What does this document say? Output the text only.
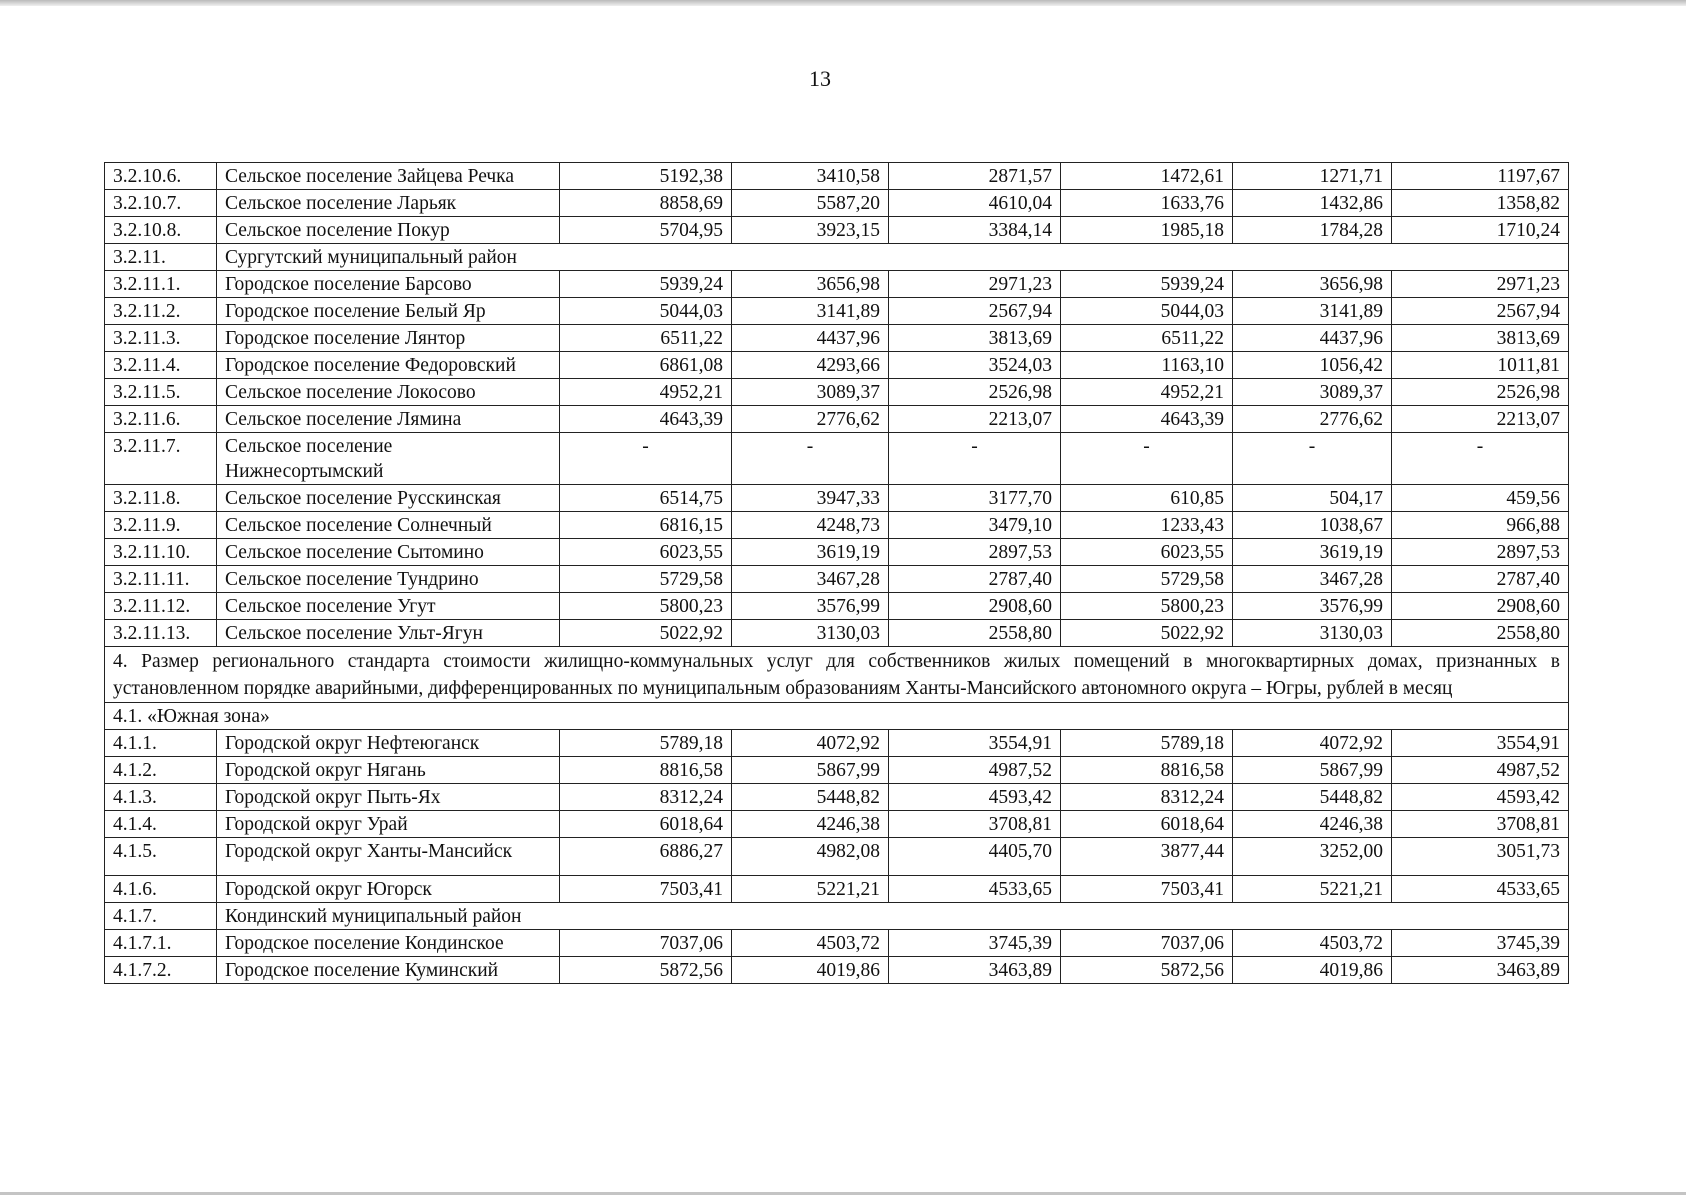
13
3.2.10.6.	Сельское поселение Зайцева Речка	5192,38	3410,58	2871,57	1472,61	1271,71	1197,67
3.2.10.7.	Сельское поселение Ларьяк	8858,69	5587,20	4610,04	1633,76	1432,86	1358,82
3.2.10.8.	Сельское поселение Покур	5704,95	3923,15	3384,14	1985,18	1784,28	1710,24
3.2.11.	Сургутский муниципальный район						
3.2.11.1.	Городское поселение Барсово	5939,24	3656,98	2971,23	5939,24	3656,98	2971,23
3.2.11.2.	Городское поселение Белый Яр	5044,03	3141,89	2567,94	5044,03	3141,89	2567,94
3.2.11.3.	Городское поселение Лянтор	6511,22	4437,96	3813,69	6511,22	4437,96	3813,69
3.2.11.4.	Городское поселение Федоровский	6861,08	4293,66	3524,03	1163,10	1056,42	1011,81
3.2.11.5.	Сельское поселение Локосово	4952,21	3089,37	2526,98	4952,21	3089,37	2526,98
3.2.11.6.	Сельское поселение Лямина	4643,39	2776,62	2213,07	4643,39	2776,62	2213,07
3.2.11.7.	Сельское поселение Нижнесортымский	-	-	-	-	-	-
3.2.11.8.	Сельское поселение Русскинская	6514,75	3947,33	3177,70	610,85	504,17	459,56
3.2.11.9.	Сельское поселение Солнечный	6816,15	4248,73	3479,10	1233,43	1038,67	966,88
3.2.11.10.	Сельское поселение Сытомино	6023,55	3619,19	2897,53	6023,55	3619,19	2897,53
3.2.11.11.	Сельское поселение Тундрино	5729,58	3467,28	2787,40	5729,58	3467,28	2787,40
3.2.11.12.	Сельское поселение Угут	5800,23	3576,99	2908,60	5800,23	3576,99	2908,60
3.2.11.13.	Сельское поселение Ульт-Ягун	5022,92	3130,03	2558,80	5022,92	3130,03	2558,80
4. Размер регионального стандарта стоимости жилищно-коммунальных услуг для собственников жилых помещений в многоквартирных домах, признанных в установленном порядке аварийными, дифференцированных по муниципальным образованиям Ханты-Мансийского автономного округа – Югры, рублей в месяц							
4.1. «Южная зона»							
4.1.1.	Городской округ Нефтеюганск	5789,18	4072,92	3554,91	5789,18	4072,92	3554,91
4.1.2.	Городской округ Нягань	8816,58	5867,99	4987,52	8816,58	5867,99	4987,52
4.1.3.	Городской округ Пыть-Ях	8312,24	5448,82	4593,42	8312,24	5448,82	4593,42
4.1.4.	Городской округ Урай	6018,64	4246,38	3708,81	6018,64	4246,38	3708,81
4.1.5.	Городской округ Ханты-Мансийск	6886,27	4982,08	4405,70	3877,44	3252,00	3051,73
4.1.6.	Городской округ Югорск	7503,41	5221,21	4533,65	7503,41	5221,21	4533,65
4.1.7.	Кондинский муниципальный район						
4.1.7.1.	Городское поселение Кондинское	7037,06	4503,72	3745,39	7037,06	4503,72	3745,39
4.1.7.2.	Городское поселение Куминский	5872,56	4019,86	3463,89	5872,56	4019,86	3463,89
